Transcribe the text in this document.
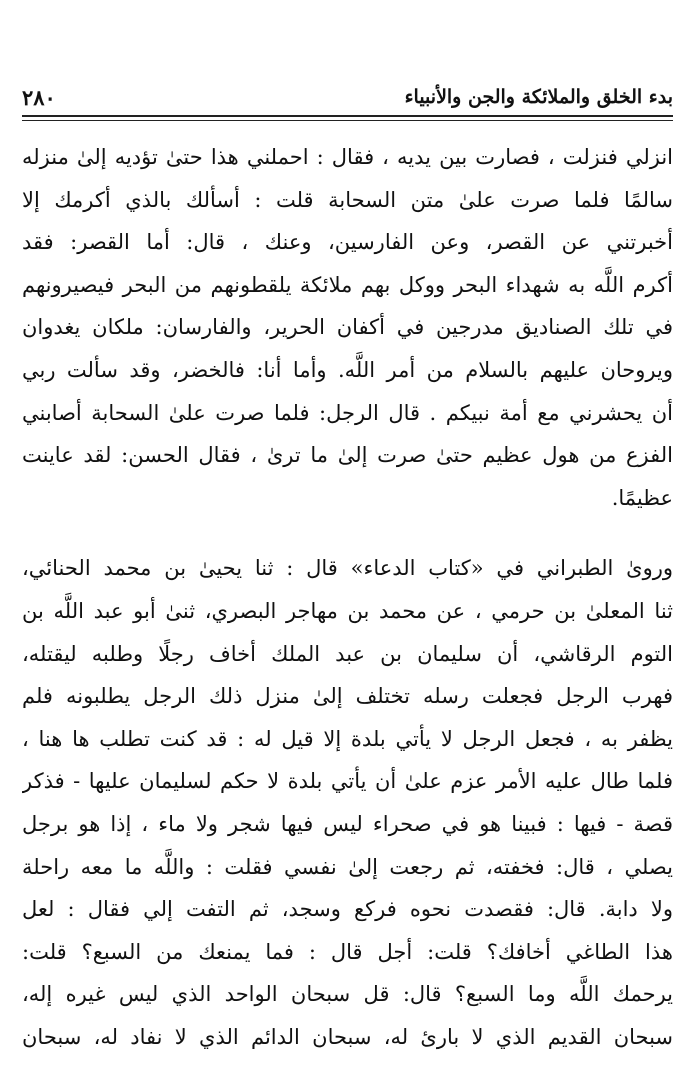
بدء الخلق والملائكة والجن والأنبياء
٢٨٠
انزلي فنزلت ، فصارت بين يديه ، فقال : احملني هذا حتىٰ تؤديه إلىٰ منزله
سالمًا فلما صرت علىٰ متن السحابة قلت : أسألك بالذي أكرمك إلا
أخبرتني عن القصر، وعن الفارسين، وعنك ، قال: أما القصر: فقد
أكرم اللَّه به شهداء البحر ووكل بهم ملائكة يلقطونهم من البحر فيصيرونهم
في تلك الصناديق مدرجين في أكفان الحرير، والفارسان: ملكان يغدوان
ويروحان عليهم بالسلام من أمر اللَّه. وأما أنا: فالخضر، وقد سألت ربي
أن يحشرني مع أمة نبيكم . قال الرجل: فلما صرت علىٰ السحابة أصابني
الفزع من هول عظيم حتىٰ صرت إلىٰ ما ترىٰ ، فقال الحسن: لقد عاينت
عظيمًا.
وروىٰ الطبراني في «كتاب الدعاء» قال : ثنا يحيىٰ بن محمد الحنائي،
ثنا المعلىٰ بن حرمي ، عن محمد بن مهاجر البصري، ثنىٰ أبو عبد اللَّه بن
التوم الرقاشي، أن سليمان بن عبد الملك أخاف رجلًا وطلبه ليقتله،
فهرب الرجل فجعلت رسله تختلف إلىٰ منزل ذلك الرجل يطلبونه فلم
يظفر به ، فجعل الرجل لا يأتي بلدة إلا قيل له : قد كنت تطلب ها هنا ،
فلما طال عليه الأمر عزم علىٰ أن يأتي بلدة لا حكم لسليمان عليها - فذكر
قصة - فيها : فبينا هو في صحراء ليس فيها شجر ولا ماء ، إذا هو برجل
يصلي ، قال: فخفته، ثم رجعت إلىٰ نفسي فقلت : واللَّه ما معه راحلة
ولا دابة. قال: فقصدت نحوه فركع وسجد، ثم التفت إلي فقال : لعل
هذا الطاغي أخافك؟ قلت: أجل قال : فما يمنعك من السبع؟ قلت:
يرحمك اللَّه وما السبع؟ قال: قل سبحان الواحد الذي ليس غيره إله،
سبحان القديم الذي لا بارئ له، سبحان الدائم الذي لا نفاد له، سبحان
